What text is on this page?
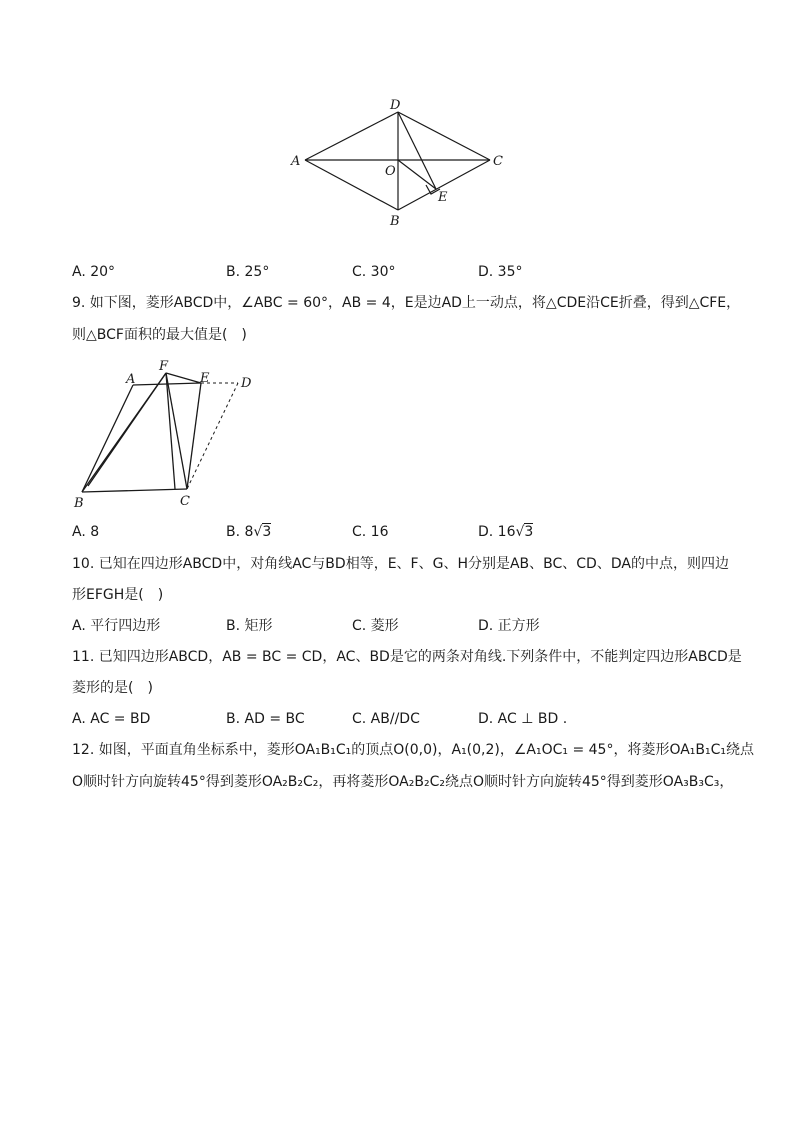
D
A
O
C
E
B
A. 20°	B. 25°	C. 30°	D. 35°
9. 如下图，菱形ABCD中，∠ABC = 60°，AB = 4，E是边AD上一动点，将△CDE沿CE折叠，得到△CFE，
则△BCF面积的最大值是(　)
A
F
E D
B	C
A. 8	B. 8√3	C. 16	D. 16√3
10. 已知在四边形ABCD中，对角线AC与BD相等，E、F、G、H分别是AB、BC、CD、DA的中点，则四边
形EFGH是(　)
A. 平行四边形	B. 矩形	C. 菱形	D. 正方形
11. 已知四边形ABCD，AB = BC = CD，AC、BD是它的两条对角线.下列条件中，不能判定四边形ABCD是
菱形的是(　)
A. AC = BD	B. AD = BC	C. AB//DC	D. AC ⊥ BD .
12. 如图，平面直角坐标系中，菱形OA₁B₁C₁的顶点O(0,0)，A₁(0,2)，∠A₁OC₁ = 45°，将菱形OA₁B₁C₁绕点
O顺时针方向旋转45°得到菱形OA₂B₂C₂，再将菱形OA₂B₂C₂绕点O顺时针方向旋转45°得到菱形OA₃B₃C₃，
